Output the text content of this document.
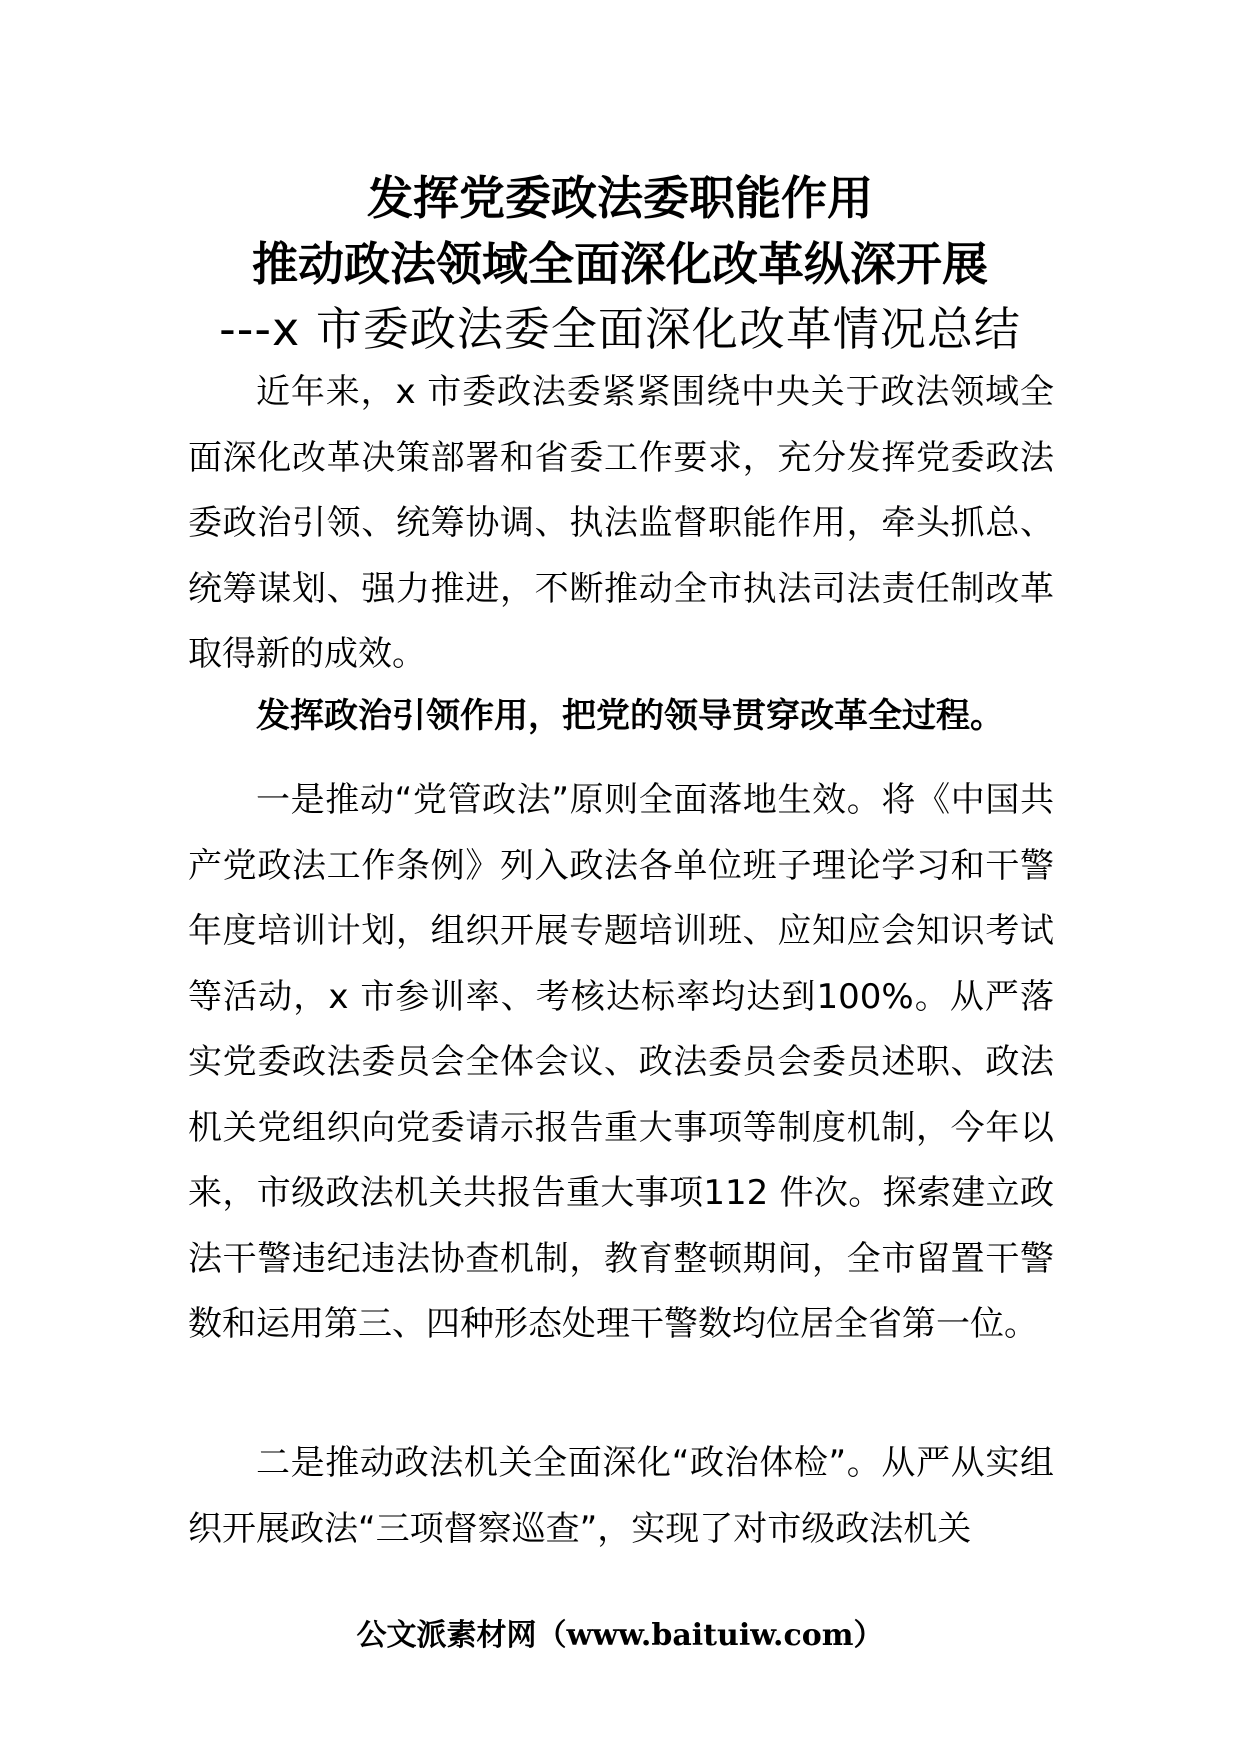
发挥党委政法委职能作用
推动政法领域全面深化改革纵深开展
---x 市委政法委全面深化改革情况总结

近年来，x 市委政法委紧紧围绕中央关于政法领域全面深化改革决策部署和省委工作要求，充分发挥党委政法委政治引领、统筹协调、执法监督职能作用，牵头抓总、统筹谋划、强力推进，不断推动全市执法司法责任制改革取得新的成效。

发挥政治引领作用，把党的领导贯穿改革全过程。

一是推动“党管政法”原则全面落地生效。将《中国共产党政法工作条例》列入政法各单位班子理论学习和干警年度培训计划，组织开展专题培训班、应知应会知识考试等活动，x 市参训率、考核达标率均达到100%。从严落实党委政法委员会全体会议、政法委员会委员述职、政法机关党组织向党委请示报告重大事项等制度机制，今年以来，市级政法机关共报告重大事项112 件次。探索建立政法干警违纪违法协查机制，教育整顿期间，全市留置干警数和运用第三、四种形态处理干警数均位居全省第一位。

二是推动政法机关全面深化“政治体检”。从严从实组织开展政法“三项督察巡查”，实现了对市级政法机关

公文派素材网（www.baituiw.com）
